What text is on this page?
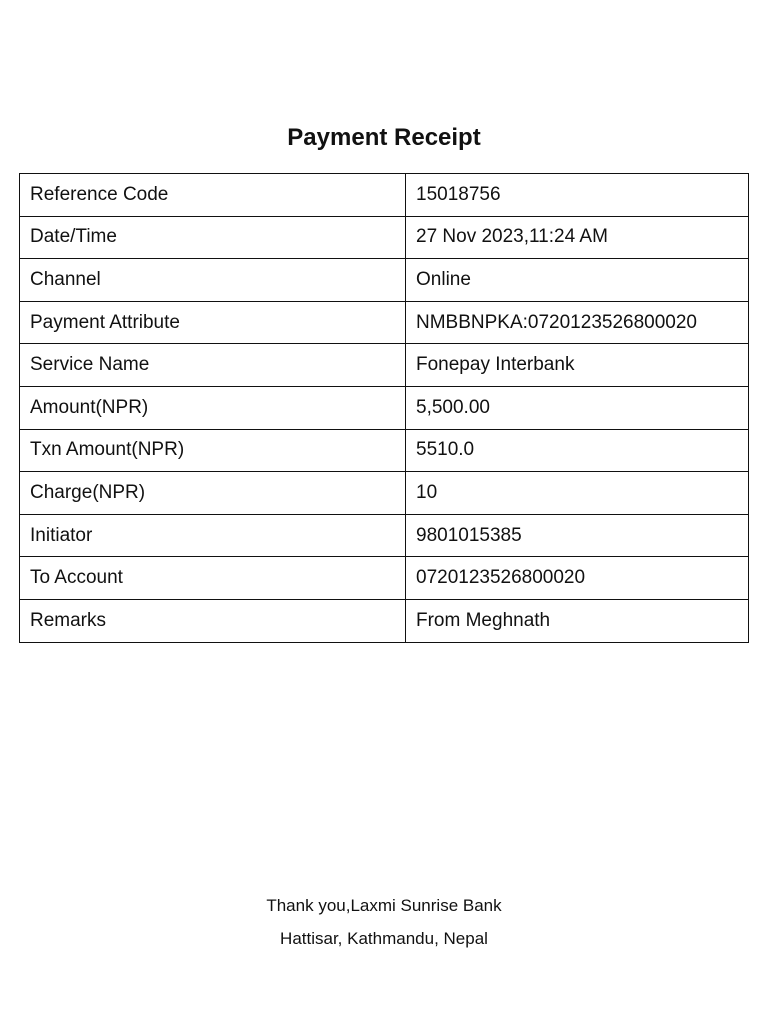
Payment Receipt
Reference Code	15018756
Date/Time	27 Nov 2023,11:24 AM
Channel	Online
Payment Attribute	NMBBNPKA:0720123526800020
Service Name	Fonepay Interbank
Amount(NPR)	5,500.00
Txn Amount(NPR)	5510.0
Charge(NPR)	10
Initiator	9801015385
To Account	0720123526800020
Remarks	From Meghnath
Thank you,Laxmi Sunrise Bank
Hattisar, Kathmandu, Nepal
